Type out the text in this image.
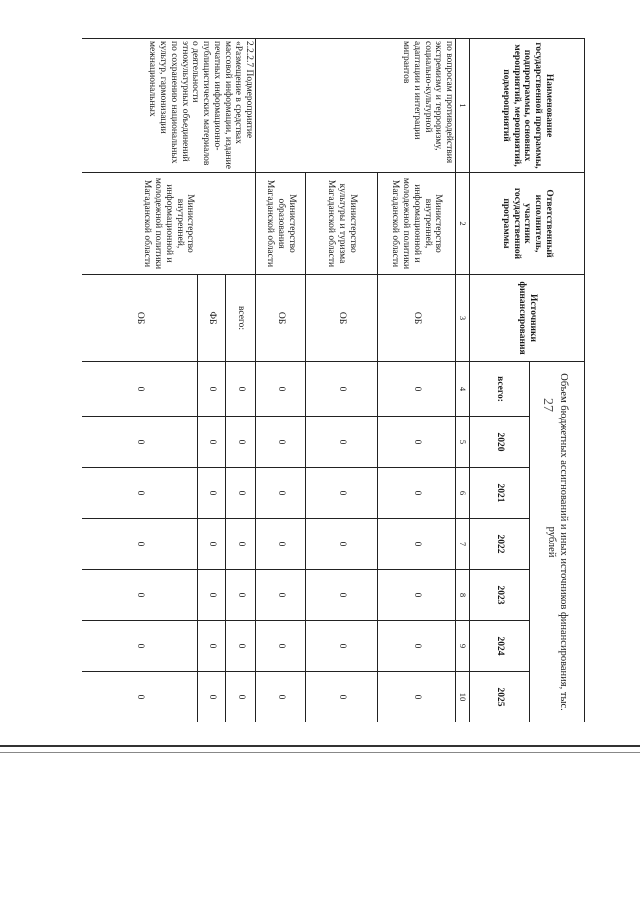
27
Наименование государственной программы, подпрограммы, основных мероприятий, мероприятий, подмероприятий	Ответственный исполнитель, участник государственной программы	Источники финансирования	Объем бюджетных ассигнований и иных источников финансирования, тыс. рублей						
			всего:	2020	2021	2022	2023	2024	2025
1	2	3	4	5	6	7	8	9	10
по вопросам противодействия экстремизму и терроризму, социально-культурной адаптации и интеграции мигрантов	Министерство внутренней, информационной и молодежной политики Магаданской области	ОБ	0	0	0	0	0	0	0
	Министерство культуры и туризма Магаданской области	ОБ	0	0	0	0	0	0	0
	Министерство образования Магаданской области	ОБ	0	0	0	0	0	0	0
2.2.2.7 Подмероприятие «Размещение в средствах массовой информации, издание печатных информационно-публицистических материалов о деятельности этнокультурных объединений по сохранению национальных культур, гармонизации межнациональных	Министерство внутренней, информационной и молодежной политики Магаданской области	всего:	0	0	0	0	0	0	0
		ФБ	0	0	0	0	0	0	0
		ОБ	0	0	0	0	0	0	0
